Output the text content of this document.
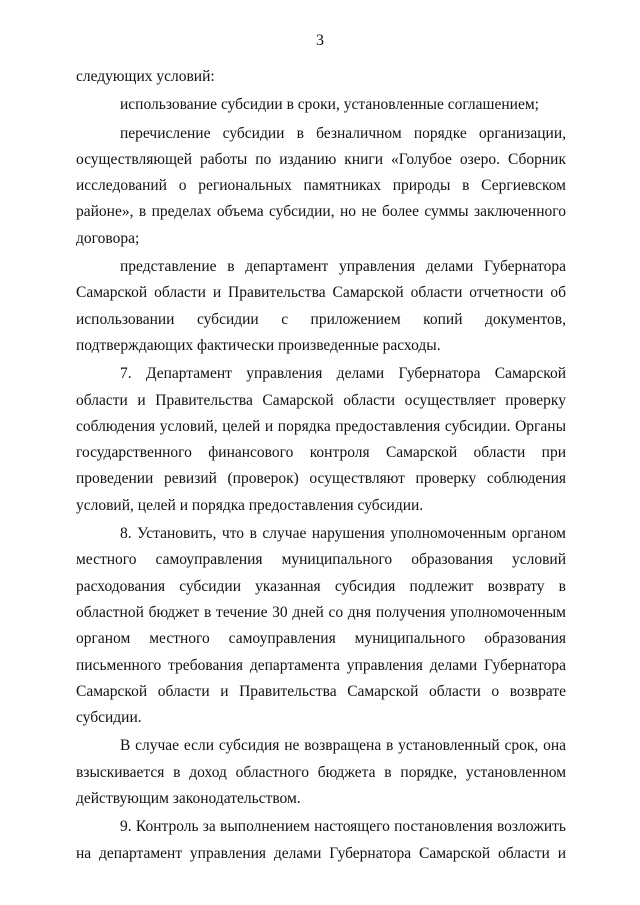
3

следующих условий:

использование субсидии в сроки, установленные соглашением;

перечисление субсидии в безналичном порядке организации, осуществляющей работы по изданию книги «Голубое озеро. Сборник исследований о региональных памятниках природы в Сергиевском районе», в пределах объема субсидии, но не более суммы заключенного договора;

представление в департамент управления делами Губернатора Самарской области и Правительства Самарской области отчетности об использовании субсидии с приложением копий документов, подтверждающих фактически произведенные расходы.

7. Департамент управления делами Губернатора Самарской области и Правительства Самарской области осуществляет проверку соблюдения условий, целей и порядка предоставления субсидии. Органы государственного финансового контроля Самарской области при проведении ревизий (проверок) осуществляют проверку соблюдения условий, целей и порядка предоставления субсидии.

8. Установить, что в случае нарушения уполномоченным органом местного самоуправления муниципального образования условий расходования субсидии указанная субсидия подлежит возврату в областной бюджет в течение 30 дней со дня получения уполномоченным органом местного самоуправления муниципального образования письменного требования департамента управления делами Губернатора Самарской области и Правительства Самарской области о возврате субсидии.

В случае если субсидия не возвращена в установленный срок, она взыскивается в доход областного бюджета в порядке, установленном действующим законодательством.

9. Контроль за выполнением настоящего постановления возложить на департамент управления делами Губернатора Самарской области и
